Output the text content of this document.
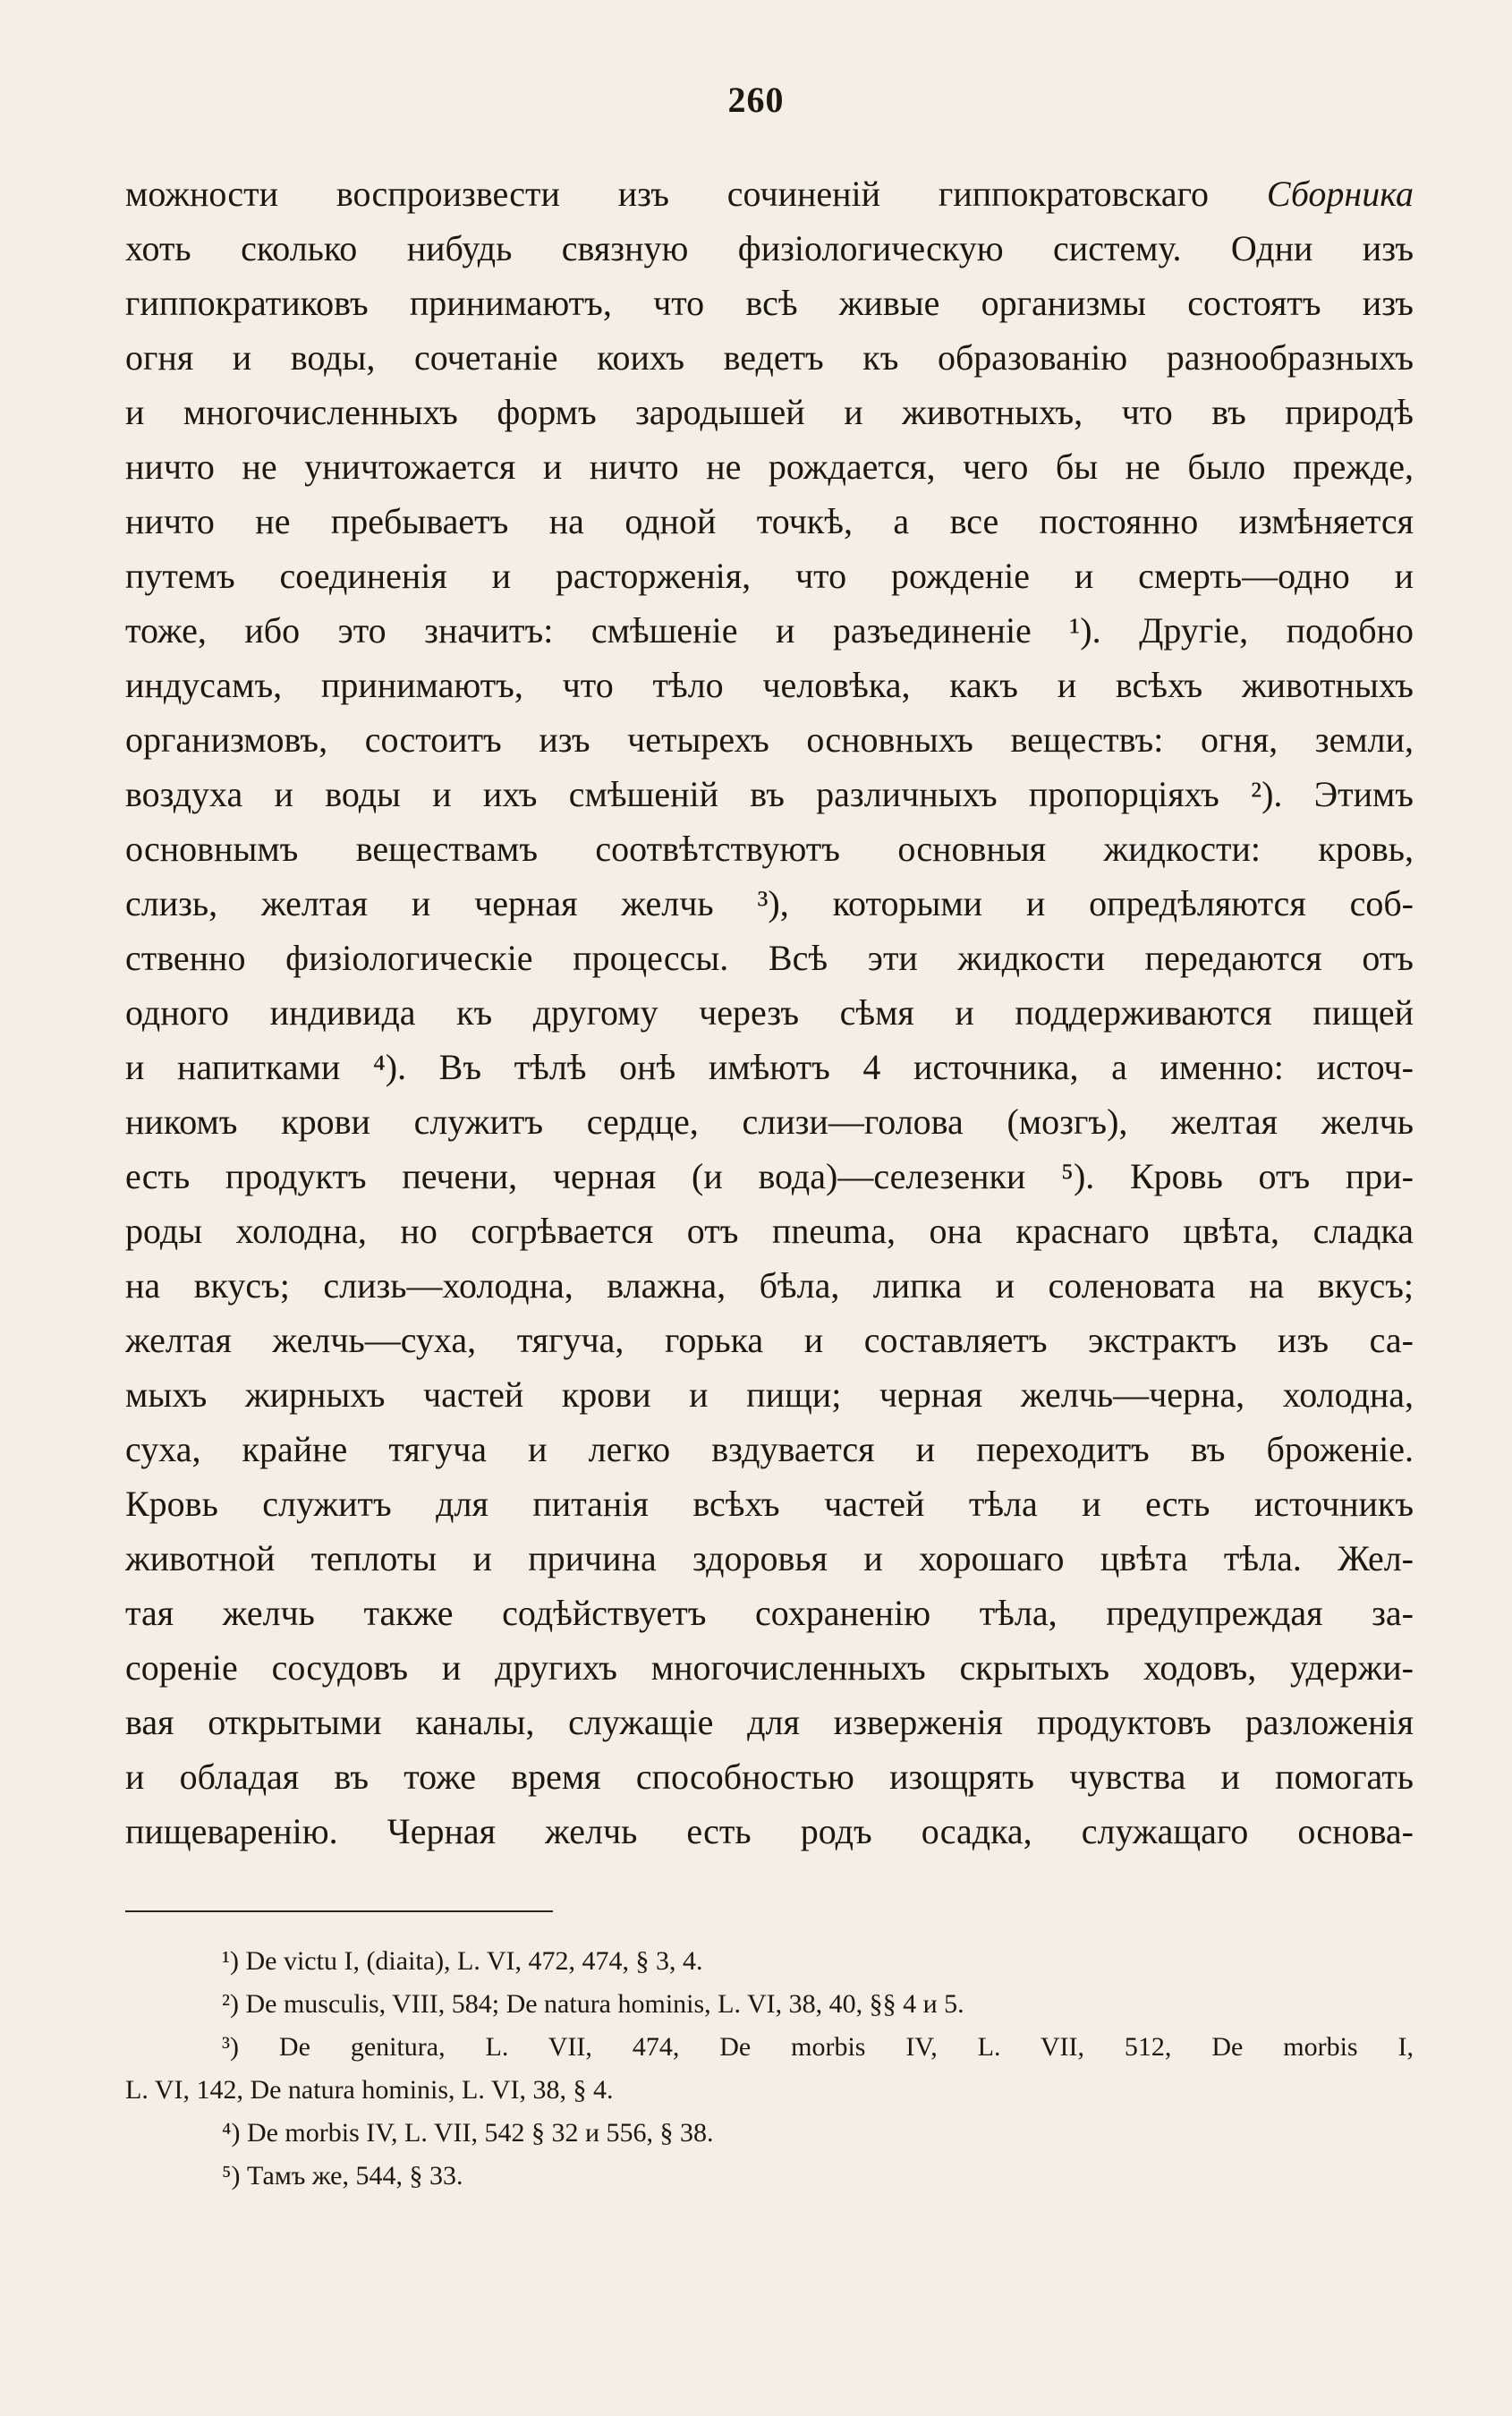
260
можности воспроизвести изъ сочиненій гиппократовскаго Сборника
хоть сколько нибудь связную физіологическую систему. Одни изъ
гиппократиковъ принимаютъ, что всѣ живые организмы состоятъ изъ
огня и воды, сочетаніе коихъ ведетъ къ образованію разнообразныхъ
и многочисленныхъ формъ зародышей и животныхъ, что въ природѣ
ничто не уничтожается и ничто не рождается, чего бы не было прежде,
ничто не пребываетъ на одной точкѣ, а все постоянно измѣняется
путемъ соединенія и расторженія, что рожденіе и смерть—одно и
тоже, ибо это значитъ: смѣшеніе и разъединеніе ¹). Другіе, подобно
индусамъ, принимаютъ, что тѣло человѣка, какъ и всѣхъ животныхъ
организмовъ, состоитъ изъ четырехъ основныхъ веществъ: огня, земли,
воздуха и воды и ихъ смѣшеній въ различныхъ пропорціяхъ ²). Этимъ
основнымъ веществамъ соотвѣтствуютъ основныя жидкости: кровь,
слизь, желтая и черная желчь ³), которыми и опредѣляются соб-
ственно физіологическіе процессы. Всѣ эти жидкости передаются отъ
одного индивида къ другому черезъ сѣмя и поддерживаются пищей
и напитками ⁴). Въ тѣлѣ онѣ имѣютъ 4 источника, а именно: источ-
никомъ крови служитъ сердце, слизи—голова (мозгъ), желтая желчь
есть продуктъ печени, черная (и вода)—селезенки ⁵). Кровь отъ при-
роды холодна, но согрѣвается отъ пneuma, она краснаго цвѣта, сладка
на вкусъ; слизь—холодна, влажна, бѣла, липка и соленовата на вкусъ;
желтая желчь—суха, тягуча, горька и составляетъ экстрактъ изъ са-
мыхъ жирныхъ частей крови и пищи; черная желчь—черна, холодна,
суха, крайне тягуча и легко вздувается и переходитъ въ броженіе.
Кровь служитъ для питанія всѣхъ частей тѣла и есть источникъ
животной теплоты и причина здоровья и хорошаго цвѣта тѣла. Жел-
тая желчь также содѣйствуетъ сохраненію тѣла, предупреждая за-
сореніе сосудовъ и другихъ многочисленныхъ скрытыхъ ходовъ, удержи-
вая открытыми каналы, служащіе для изверженія продуктовъ разложенія
и обладая въ тоже время способностью изощрять чувства и помогать
пищеваренію. Черная желчь есть родъ осадка, служащаго основа-
¹) De victu I, (diaita), L. VI, 472, 474, § 3, 4.
²) De musculis, VIII, 584; De natura hominis, L. VI, 38, 40, §§ 4 и 5.
³) De genitura, L. VII, 474, De morbis IV, L. VII, 512, De morbis I,
L. VI, 142, De natura hominis, L. VI, 38, § 4.
⁴) De morbis IV, L. VII, 542 § 32 и 556, § 38.
⁵) Тамъ же, 544, § 33.
